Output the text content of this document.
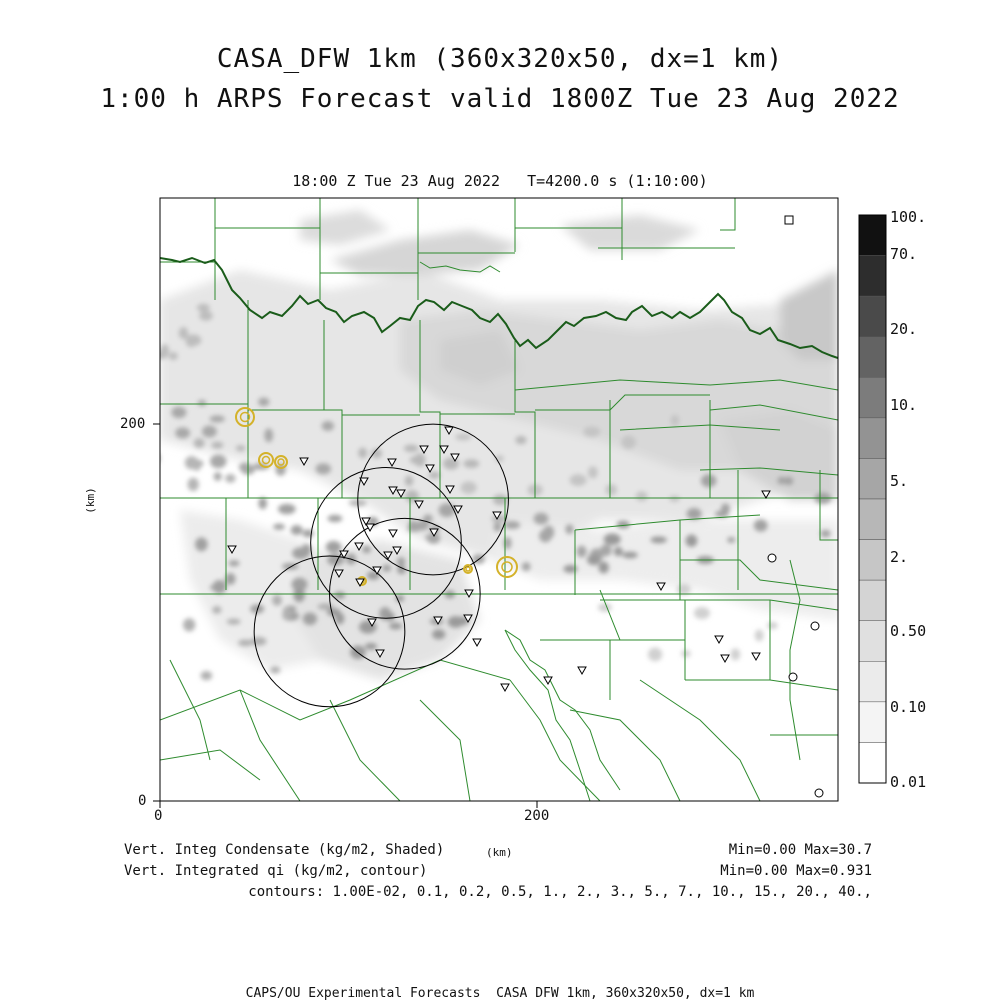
CASA_DFW 1km (360x320x50, dx=1 km)
1:00 h ARPS Forecast valid 1800Z Tue 23 Aug 2022
18:00 Z Tue 23 Aug 2022   T=4200.0 s (1:10:00)
0	200
0
200
(km)
(km)
100.
70.
20.
10.
5.
2.
0.50
0.10
0.01
Vert. Integ Condensate (kg/m2, Shaded)
Vert. Integrated qi (kg/m2, contour)
Min=0.00 Max=30.7
Min=0.00 Max=0.931
contours: 1.00E-02, 0.1, 0.2, 0.5, 1., 2., 3., 5., 7., 10., 15., 20., 40.,
CAPS/OU Experimental Forecasts  CASA DFW 1km, 360x320x50, dx=1 km
